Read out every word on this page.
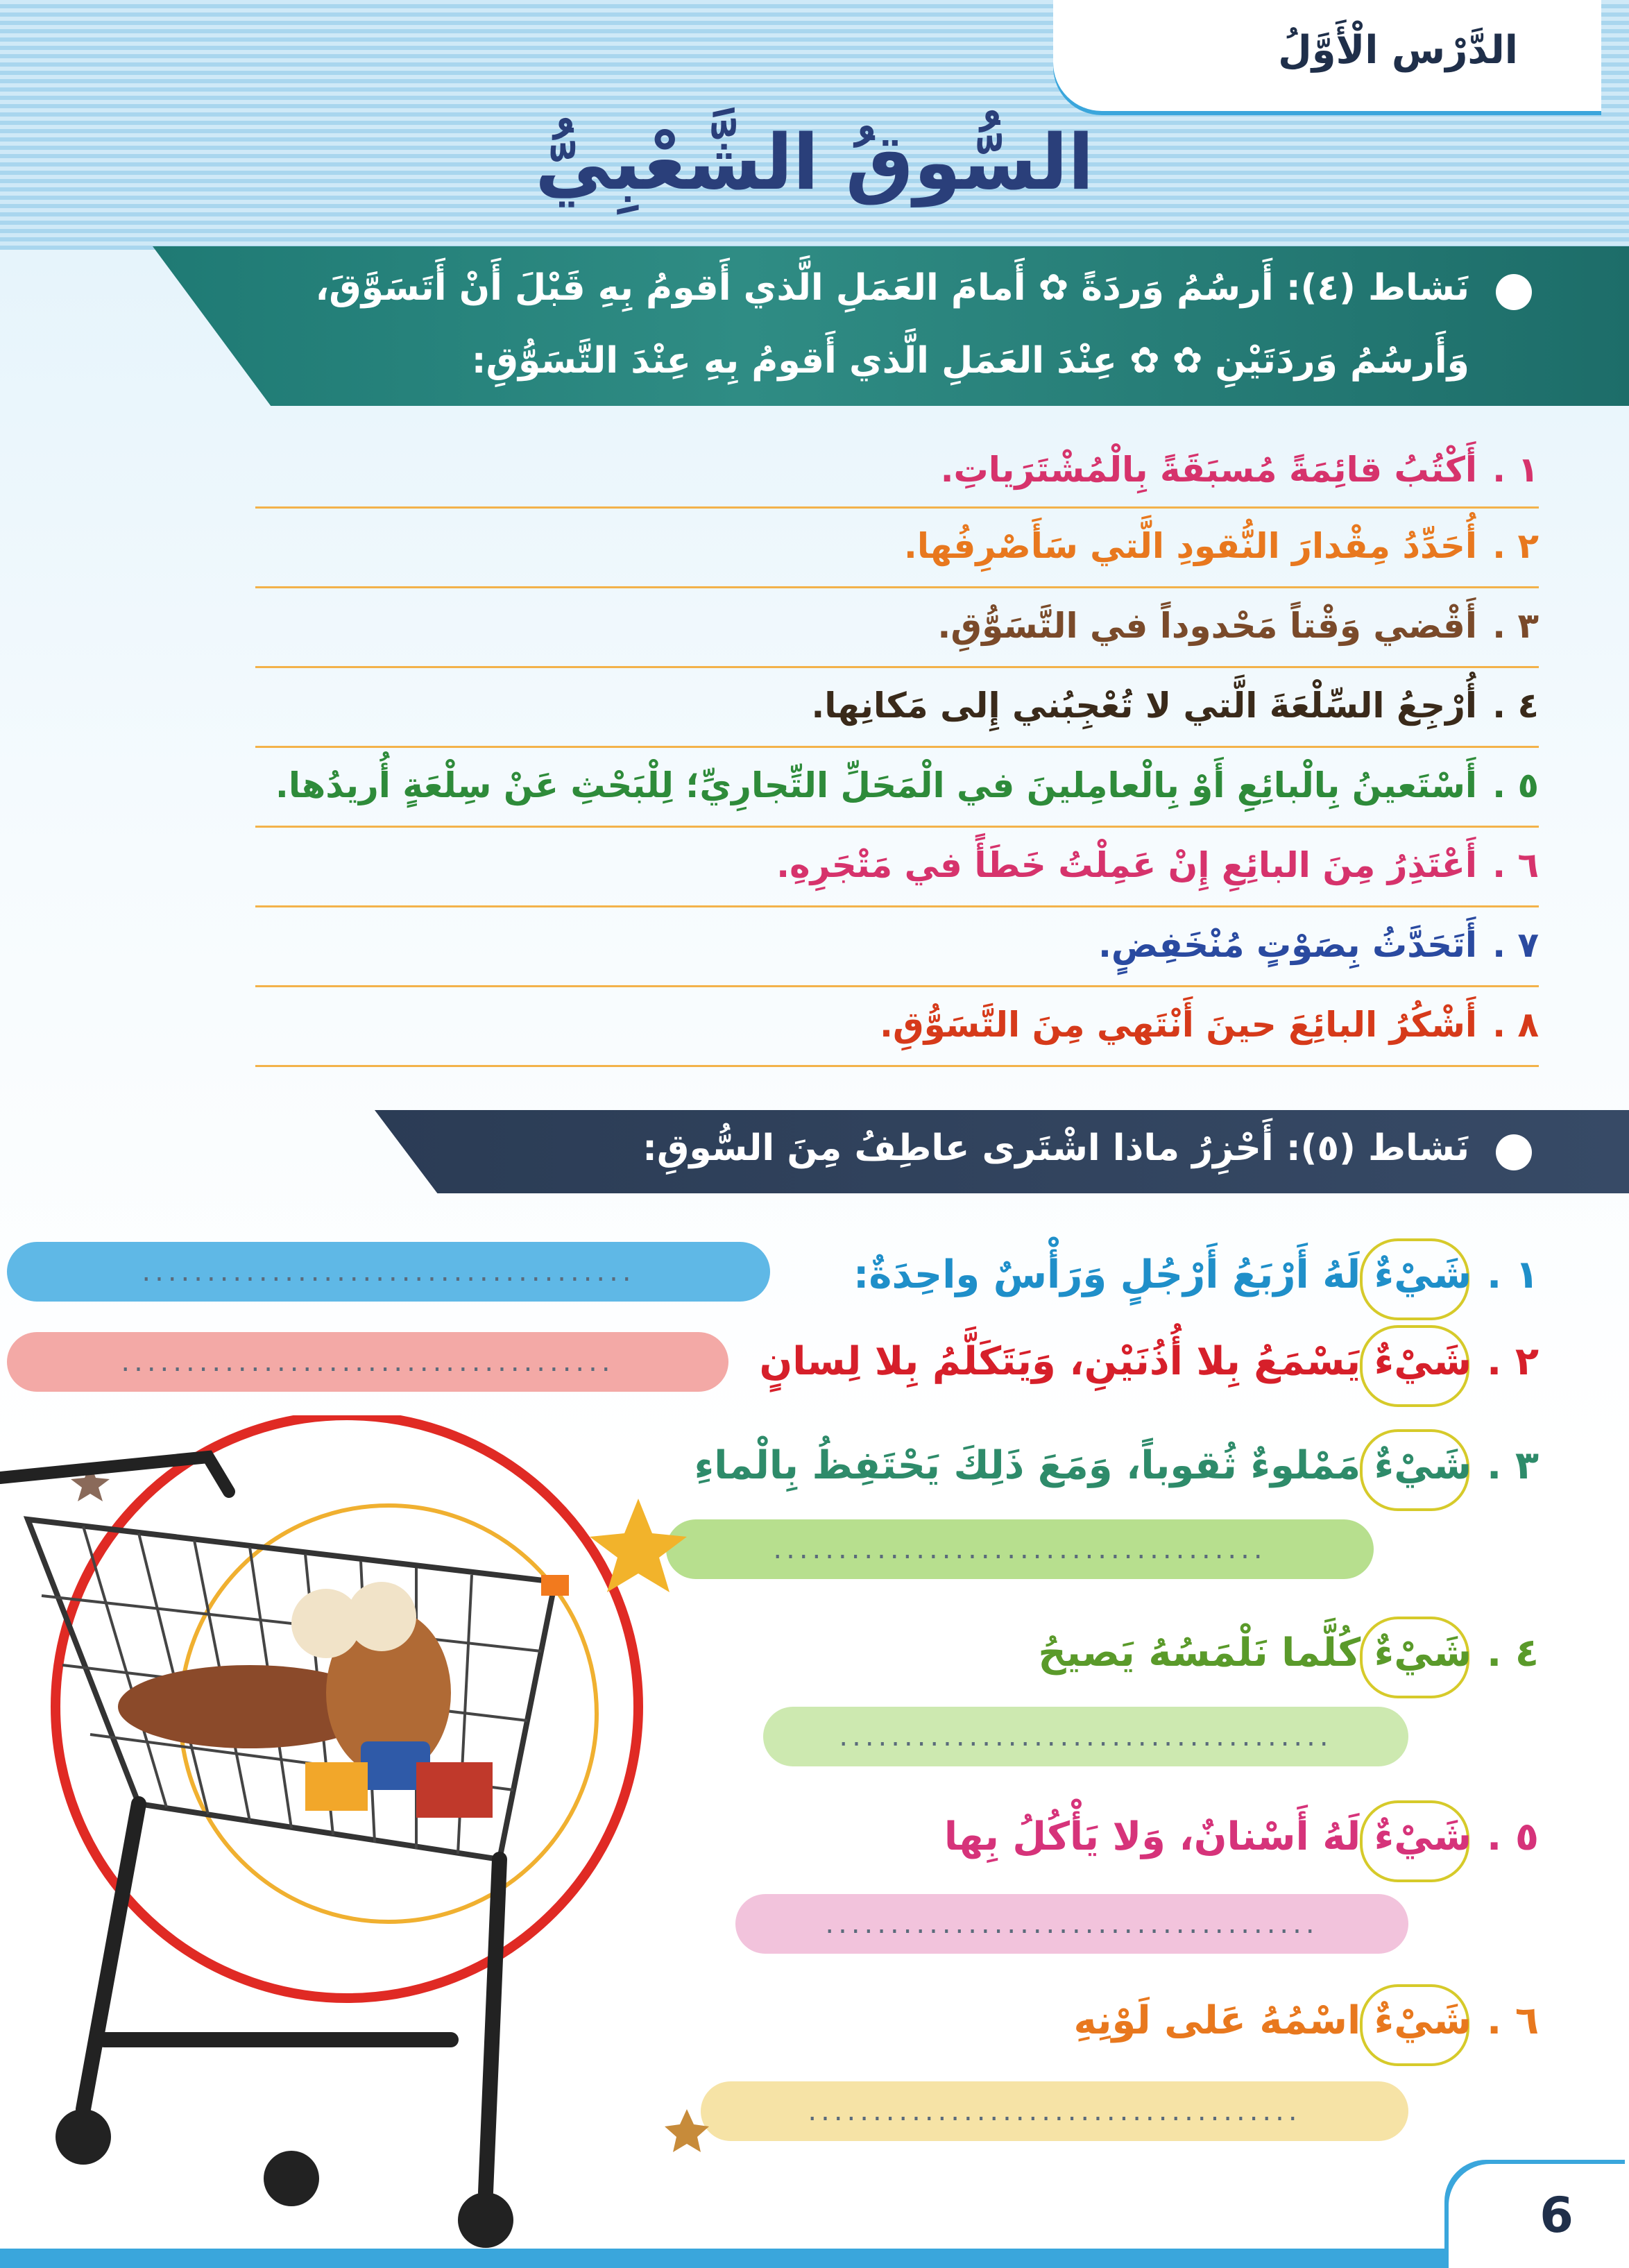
الدَّرْس الْأَوَّلُ
السُّوقُ الشَّعْبِيُّ
نَشاط (٤): أَرسُمُ وَردَةً ✿ أَمامَ العَمَلِ الَّذي أَقومُ بِهِ قَبْلَ أَنْ أَتَسَوَّقَ،
وَأَرسُمُ وَردَتَيْنِ ✿ ✿ عِنْدَ العَمَلِ الَّذي أَقومُ بِهِ عِنْدَ التَّسَوُّقِ:
١ .أَكْتُبُ قائِمَةً مُسبَقَةً بِالْمُشْتَرَياتِ.
٢ .أُحَدِّدُ مِقْدارَ النُّقودِ الَّتي سَأَصْرِفُها.
٣ .أَقْضي وَقْتاً مَحْدوداً في التَّسَوُّقِ.
٤ .أُرْجِعُ السِّلْعَةَ الَّتي لا تُعْجِبُني إِلى مَكانِها.
٥ .أَسْتَعينُ بِالْبائِعِ أَوْ بِالْعامِلينَ في الْمَحَلِّ التِّجارِيِّ؛ لِلْبَحْثِ عَنْ سِلْعَةٍ أُريدُها.
٦ .أَعْتَذِرُ مِنَ البائِعِ إِنْ عَمِلْتُ خَطَأً في مَتْجَرِهِ.
٧ .أَتَحَدَّثُ بِصَوْتٍ مُنْخَفِضٍ.
٨ .أَشْكُرُ البائِعَ حينَ أَنْتَهي مِنَ التَّسَوُّقِ.
نَشاط (٥): أَحْزِرُ ماذا اشْتَرى عاطِفُ مِنَ السُّوقِ:
١ .شَيْءٌ لَهُ أَرْبَعُ أَرْجُلٍ وَرَأْسٌ واحِدَةٌ:
......................................
٢ .شَيْءٌ يَسْمَعُ بِلا أُذُنَيْنِ، وَيَتَكَلَّمُ بِلا لِسانٍ
......................................
٣ .شَيْءٌ مَمْلوءٌ ثُقوباً، وَمَعَ ذَلِكَ يَحْتَفِظُ بِالْماءِ
......................................
٤ .شَيْءٌ كُلَّما نَلْمَسُهُ يَصيحُ
......................................
٥ .شَيْءٌ لَهُ أَسْنانٌ، وَلا يَأْكُلُ بِها
......................................
٦ .شَيْءٌ اسْمُهُ عَلى لَوْنِهِ
......................................
6
